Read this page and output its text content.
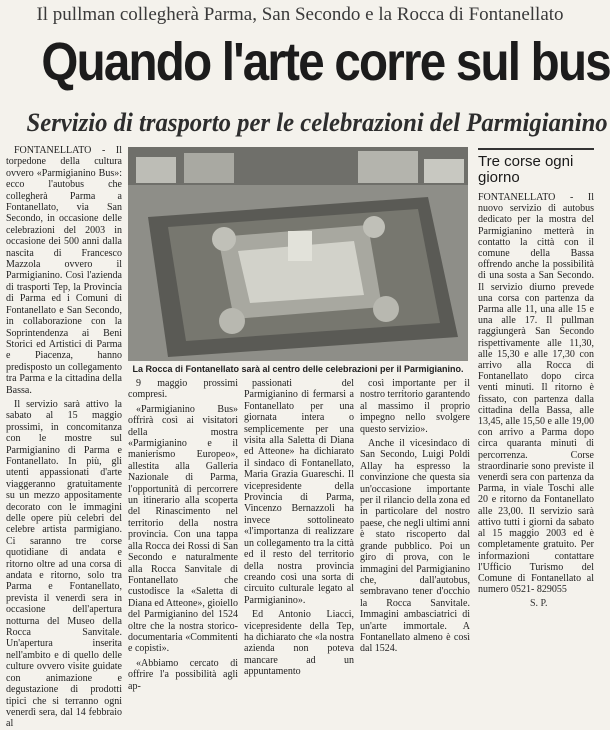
Il pullman collegherà Parma, San Secondo e la Rocca di Fontanellato
Quando l'arte corre sul bus
Servizio di trasporto per le celebrazioni del Parmigianino

FONTANELLATO - Il torpedone della cultura ovvero «Parmigianino Bus»: ecco l'autobus che collegherà Parma a Fontanellato, via San Secondo, in occasione delle celebrazioni del 2003 in occasione dei 500 anni dalla nascita di Francesco Mazzola ovvero il Parmigianino. Così l'azienda di trasporti Tep, la Provincia di Parma ed i Comuni di Fontanellato e San Secondo, in collaborazione con la Soprintendenza ai Beni Storici ed Artistici di Parma e Piacenza, hanno predisposto un collegamento tra Parma e la cittadina della Bassa.

Il servizio sarà attivo la sabato al 15 maggio prossimi, in concomitanza con le mostre sul Parmigianino di Parma e Fontanellato. In più, gli utenti appassionati d'arte viaggeranno gratuitamente su un mezzo appositamente decorato con le immagini delle opere più celebri del celebre artista parmigiano. Ci saranno tre corse quotidiane di andata e ritorno oltre ad una corsa di andata e ritorno, solo tra Parma e Fontanellato, prevista il venerdì sera in occasione dell'apertura notturna del Museo della Rocca Sanvitale. Un'apertura inserita nell'ambito e di quello delle culture ovvero visite guidate con animazione e degustazione di prodotti tipici che si terranno ogni venerdì sera, dal 14 febbraio al

La Rocca di Fontanellato sarà al centro delle celebrazioni per il Parmigianino.

9 maggio prossimi compresi.

«Parmigianino Bus» offrirà così ai visitatori della mostra «Parmigianino e il manierismo Europeo», allestita alla Galleria Nazionale di Parma, l'opportunità di percorrere un itinerario alla scoperta del Rinascimento nel territorio della nostra provincia. Con una tappa alla Rocca dei Rossi di San Secondo e naturalmente alla Rocca Sanvitale di Fontanellato che custodisce la «Saletta di Diana ed Atteone», gioiello del Parmigianino del 1524 oltre che la nostra storico-documentaria «Commitenti e copisti».

«Abbiamo cercato di offrire l'a possibilità agli ap-

passionati del Parmigianino di fermarsi a Fontanellato per una giornata intera o semplicemente per una visita alla Saletta di Diana ed Atteone» ha dichiarato il sindaco di Fontanellato, Maria Grazia Guareschi. Il vicepresidente della Provincia di Parma, Vincenzo Bernazzoli ha invece sottolineato «l'importanza di realizzare un collegamento tra la città ed il resto del territorio della nostra provincia creando così una sorta di circuito culturale legato al Parmigianino».

Ed Antonio Liacci, vicepresidente della Tep, ha dichiarato che «la nostra azienda non poteva mancare ad un appuntamento

così importante per il nostro territorio garantendo al massimo il proprio impegno nello svolgere questo servizio».

Anche il vicesindaco di San Secondo, Luigi Poldi Allay ha espresso la convinzione che questa sia un'occasione importante per il rilancio della zona ed in particolare del nostro paese, che negli ultimi anni è stato riscoperto dal grande pubblico. Poi un giro di prova, con le immagini del Parmigianino che, dall'autobus, sembravano tener d'occhio la Rocca Sanvitale. Immagini ambasciatrici di un'arte immortale. A Fontanellato almeno è così dal 1524.

Tre corse ogni giorno

FONTANELLATO - Il nuovo servizio di autobus dedicato per la mostra del Parmigianino metterà in contatto la città con il comune della Bassa offrendo anche la possibilità di una sosta a San Secondo. Il servizio diurno prevede una corsa con partenza da Parma alle 11, una alle 15 e una alle 17. Il pullman raggiungerà San Secondo rispettivamente alle 11,30, alle 15,30 e alle 17,30 con arrivo alla Rocca di Fontanellato dopo circa venti minuti. Il ritorno è fissato, con partenza dalla cittadina della Bassa, alle 13,45, alle 15,50 e alle 19,00 con arrivo a Parma dopo circa quaranta minuti di percorrenza. Corse straordinarie sono previste il venerdì sera con partenza da Parma, in viale Toschi alle 20 e ritorno da Fontanellato alle 23,00. Il servizio sarà attivo tutti i giorni da sabato al 15 maggio 2003 ed è completamente gratuito. Per informazioni contattare l'Ufficio Turismo del Comune di Fontanellato al numero 0521- 829055

S. P.
